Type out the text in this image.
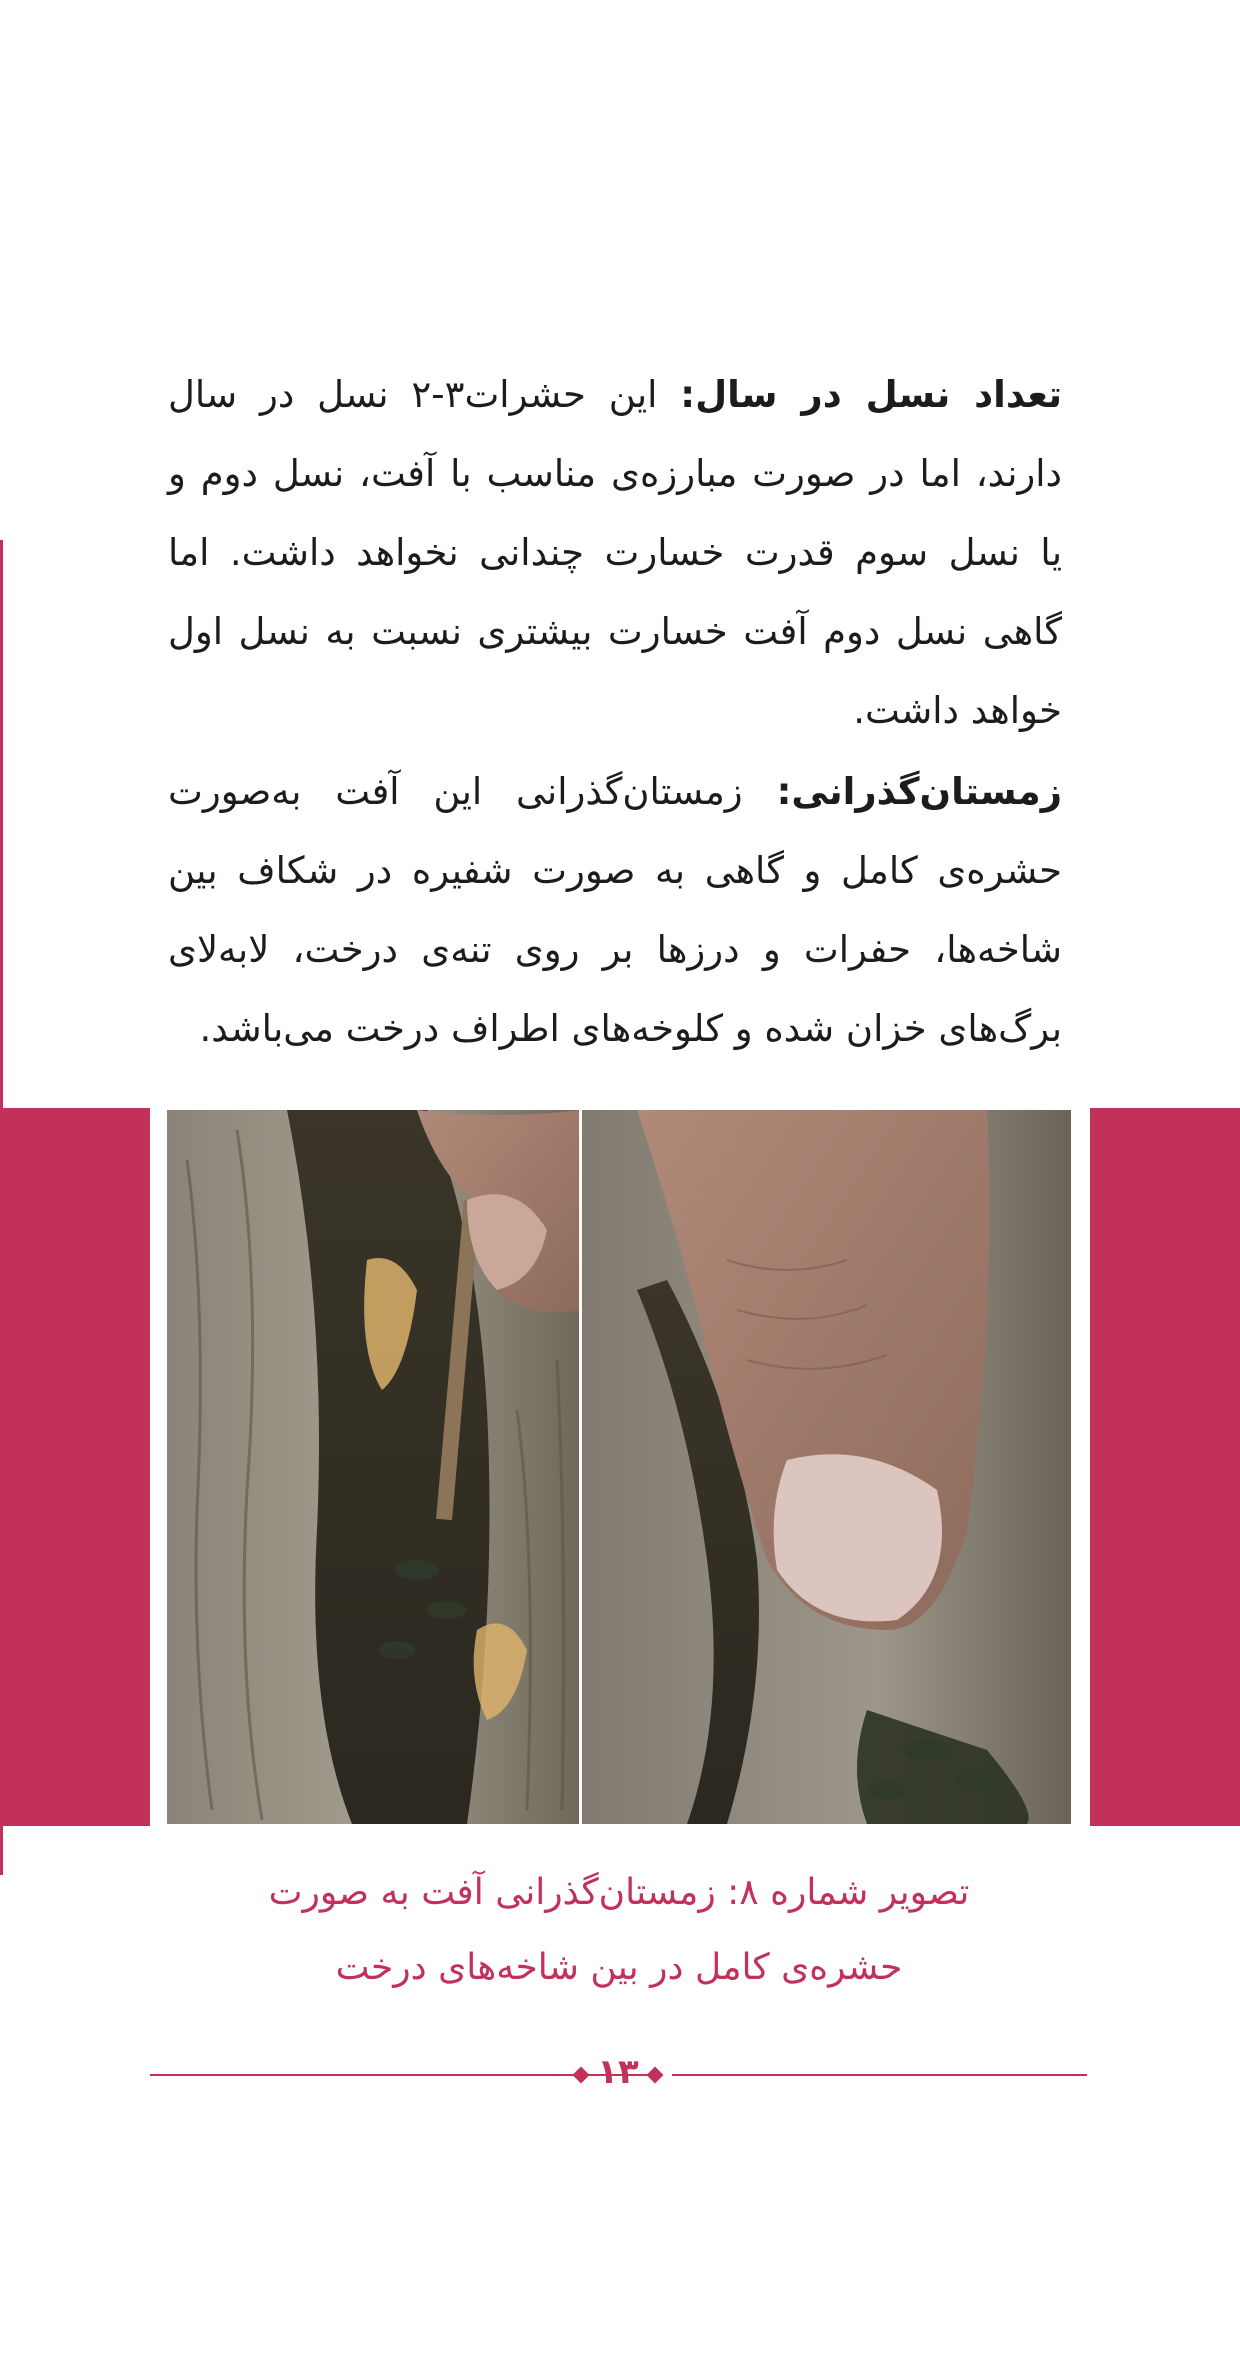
تعداد نسل در سال: این حشرات۳-۲ نسل در سال دارند، اما در صورت مبارزه‌ی مناسب با آفت، نسل دوم و یا نسل سوم قدرت خسارت چندانی نخواهد داشت. اما گاهی نسل دوم آفت خسارت بیشتری نسبت به نسل اول خواهد داشت.

زمستان‌گذرانی: زمستان‌گذرانی این آفت به‌صورت حشره‌ی کامل و گاهی به صورت شفیره در شکاف بین شاخه‌ها، حفرات و درزها بر روی تنه‌ی درخت، لابه‌لای برگ‌های خزان شده و کلوخه‌های اطراف درخت می‌باشد.

تصویر شماره ۸: زمستان‌گذرانی آفت به صورت
حشره‌ی کامل در بین شاخه‌های درخت
۱۳
